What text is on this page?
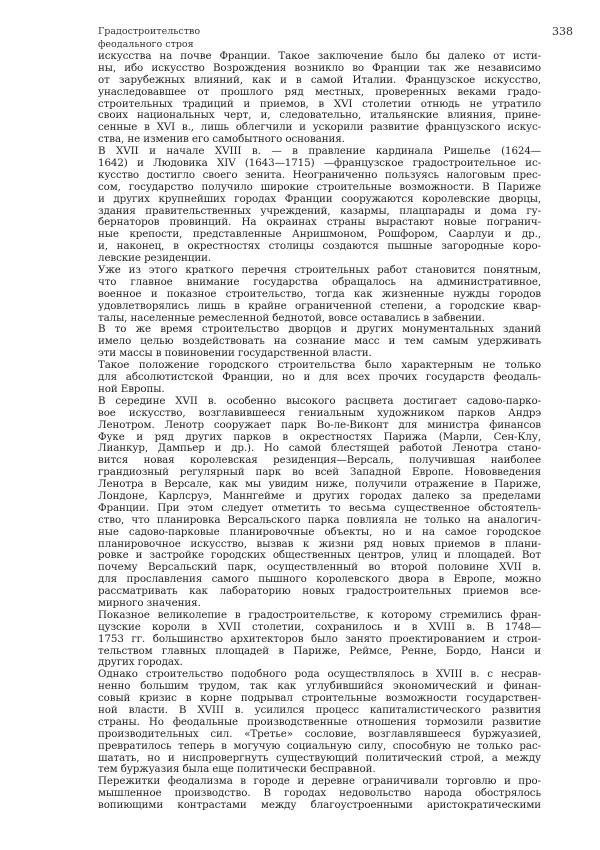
Градостроительство
феодального строя
338
искусства на почве Франции. Такое заключение было бы далеко от исти-
ны, ибо искусство Возрождения возникло во Франции так же независимо
от зарубежных влияний, как и в самой Италии. Французское искусство,
унаследовавшее от прошлого ряд местных, проверенных веками градо-
строительных традиций и приемов, в XVI столетии отнюдь не утратило
своих национальных черт, и, следовательно, итальянские влияния, прине-
сенные в XVI в., лишь облегчили и ускорили развитие французского искус-
ства, не изменив его самобытного основания.
В XVII и начале XVIII в. — в правление кардинала Ришелье (1624—
1642) и Людовика XIV (1643—1715) —французское градостроительное ис-
кусство достигло своего зенита. Неограниченно пользуясь налоговым прес-
сом, государство получило широкие строительные возможности. В Париже
и других крупнейших городах Франции сооружаются королевские дворцы,
здания правительственных учреждений, казармы, плацпарады и дома гу-
бернаторов провинций. На окраинах страны вырастают новые погранич-
ные крепости, представленные Анришмоном, Рошфором, Саарлуи и др.,
и, наконец, в окрестностях столицы создаются пышные загородные коро-
левские резиденции.
Уже из этого краткого перечня строительных работ становится понятным,
что главное внимание государства обращалось на административное,
военное и показное строительство, тогда как жизненные нужды городов
удовлетворялись лишь в крайне ограниченной степени, а городские квар-
талы, населенные ремесленной беднотой, вовсе оставались в забвении.
В то же время строительство дворцов и других монументальных зданий
имело целью воздействовать на сознание масс и тем самым удерживать
эти массы в повиновении государственной власти.
Такое положение городского строительства было характерным не только
для абсолютистской Франции, но и для всех прочих государств феодаль-
ной Европы.
В середине XVII в. особенно высокого расцвета достигает садово-парко-
вое искусство, возглавившееся гениальным художником парков Андрэ
Ленотром. Ленотр сооружает парк Во-ле-Виконт для министра финансов
Фуке и ряд других парков в окрестностях Парижа (Марли, Сен-Клу,
Лианкур, Дампьер и др.). Но самой блестящей работой Ленотра стано-
вится новая королевская резиденция—Версаль, получившая наиболее
грандиозный регулярный парк во всей Западной Европе. Нововведения
Ленотра в Версале, как мы увидим ниже, получили отражение в Париже,
Лондоне, Карлсруэ, Маннгейме и других городах далеко за пределами
Франции. При этом следует отметить то весьма существенное обстоятель-
ство, что планировка Версальского парка повлияла не только на аналогич-
ные садово-парковые планировочные объекты, но и на самое городское
планировочное искусство, вызвав к жизни ряд новых приемов в плани-
ровке и застройке городских общественных центров, улиц и площадей. Вот
почему Версальский парк, осуществленный во второй половине XVII в.
для прославления самого пышного королевского двора в Европе, можно
рассматривать как лабораторию новых градостроительных приемов все-
мирного значения.
Показное великолепие в градостроительстве, к которому стремились фран-
цузские короли в XVII столетии, сохранилось и в XVIII в. В 1748—
1753 гг. большинство архитекторов было занято проектированием и строи-
тельством главных площадей в Париже, Реймсе, Ренне, Бордо, Нанси и
других городах.
Однако строительство подобного рода осуществлялось в XVIII в. с несрав-
ненно большим трудом, так как углубившийся экономический и финан-
совый кризис в корне подрывал строительные возможности государствен-
ной власти. В XVIII в. усилился процесс капиталистического развития
страны. Но феодальные производственные отношения тормозили развитие
производительных сил. «Третье» сословие, возглавлявшееся буржуазией,
превратилось теперь в могучую социальную силу, способную не только рас-
шатать, но и ниспровергнуть существующий политический строй, а между
тем буржуазия была еще политически бесправной.
Пережитки феодализма в городе и деревне ограничивали торговлю и про-
мышленное производство. В городах недовольство народа обострялось
вопиющими контрастами между благоустроенными аристократическими
